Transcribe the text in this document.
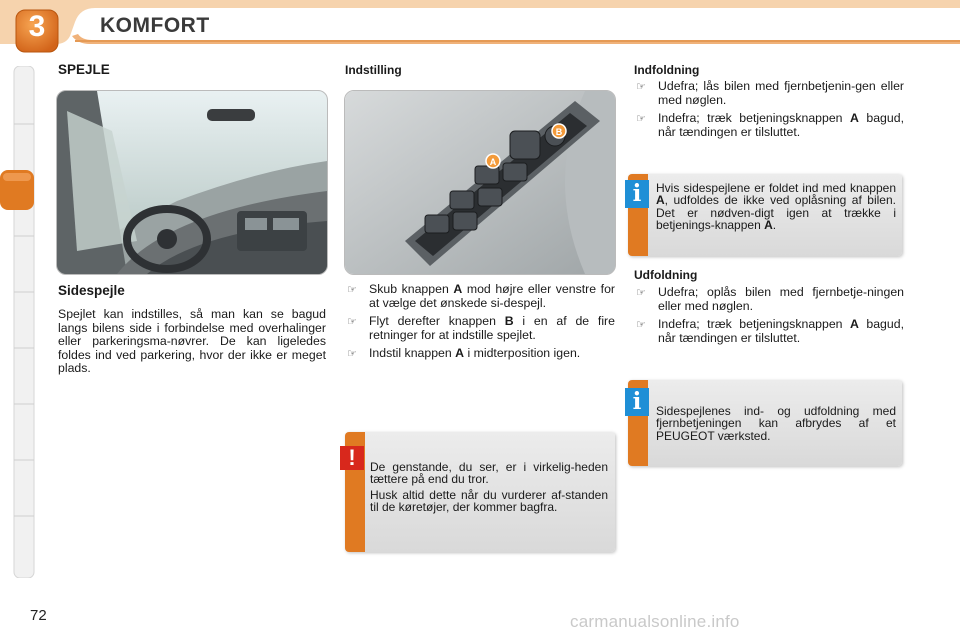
3	KOMFORT
SPEJLE
Sidespejle
Spejlet kan indstilles, så man kan se bagud langs bilens side i forbindelse med overhalinger eller parkeringsma-nøvrer. De kan ligeledes foldes ind ved parkering, hvor der ikke er meget plads.
Indstilling
A
B
☞ Skub knappen A mod højre eller venstre for at vælge det ønskede si-despejl.
☞ Flyt derefter knappen B i en af de fire retninger for at indstille spejlet.
☞ Indstil knappen A i midterposition igen.
!	De genstande, du ser, er i virkelig-heden tættere på end du tror.
Husk altid dette når du vurderer af-standen til de køretøjer, der kommer bagfra.
Indfoldning
☞ Udefra; lås bilen med fjernbetjenin-gen eller med nøglen.
☞ Indefra; træk betjeningsknappen A bagud, når tændingen er tilsluttet.
i	Hvis sidespejlene er foldet ind med knappen A, udfoldes de ikke ved oplåsning af bilen. Det er nødven-digt igen at trække i betjenings-knappen A.
Udfoldning
☞ Udefra; oplås bilen med fjernbetje-ningen eller med nøglen.
☞ Indefra; træk betjeningsknappen A bagud, når tændingen er tilsluttet.
i	Sidespejlenes ind- og udfoldning med fjernbetjeningen kan afbrydes af et PEUGEOT værksted.
72	carmanualsonline.info
